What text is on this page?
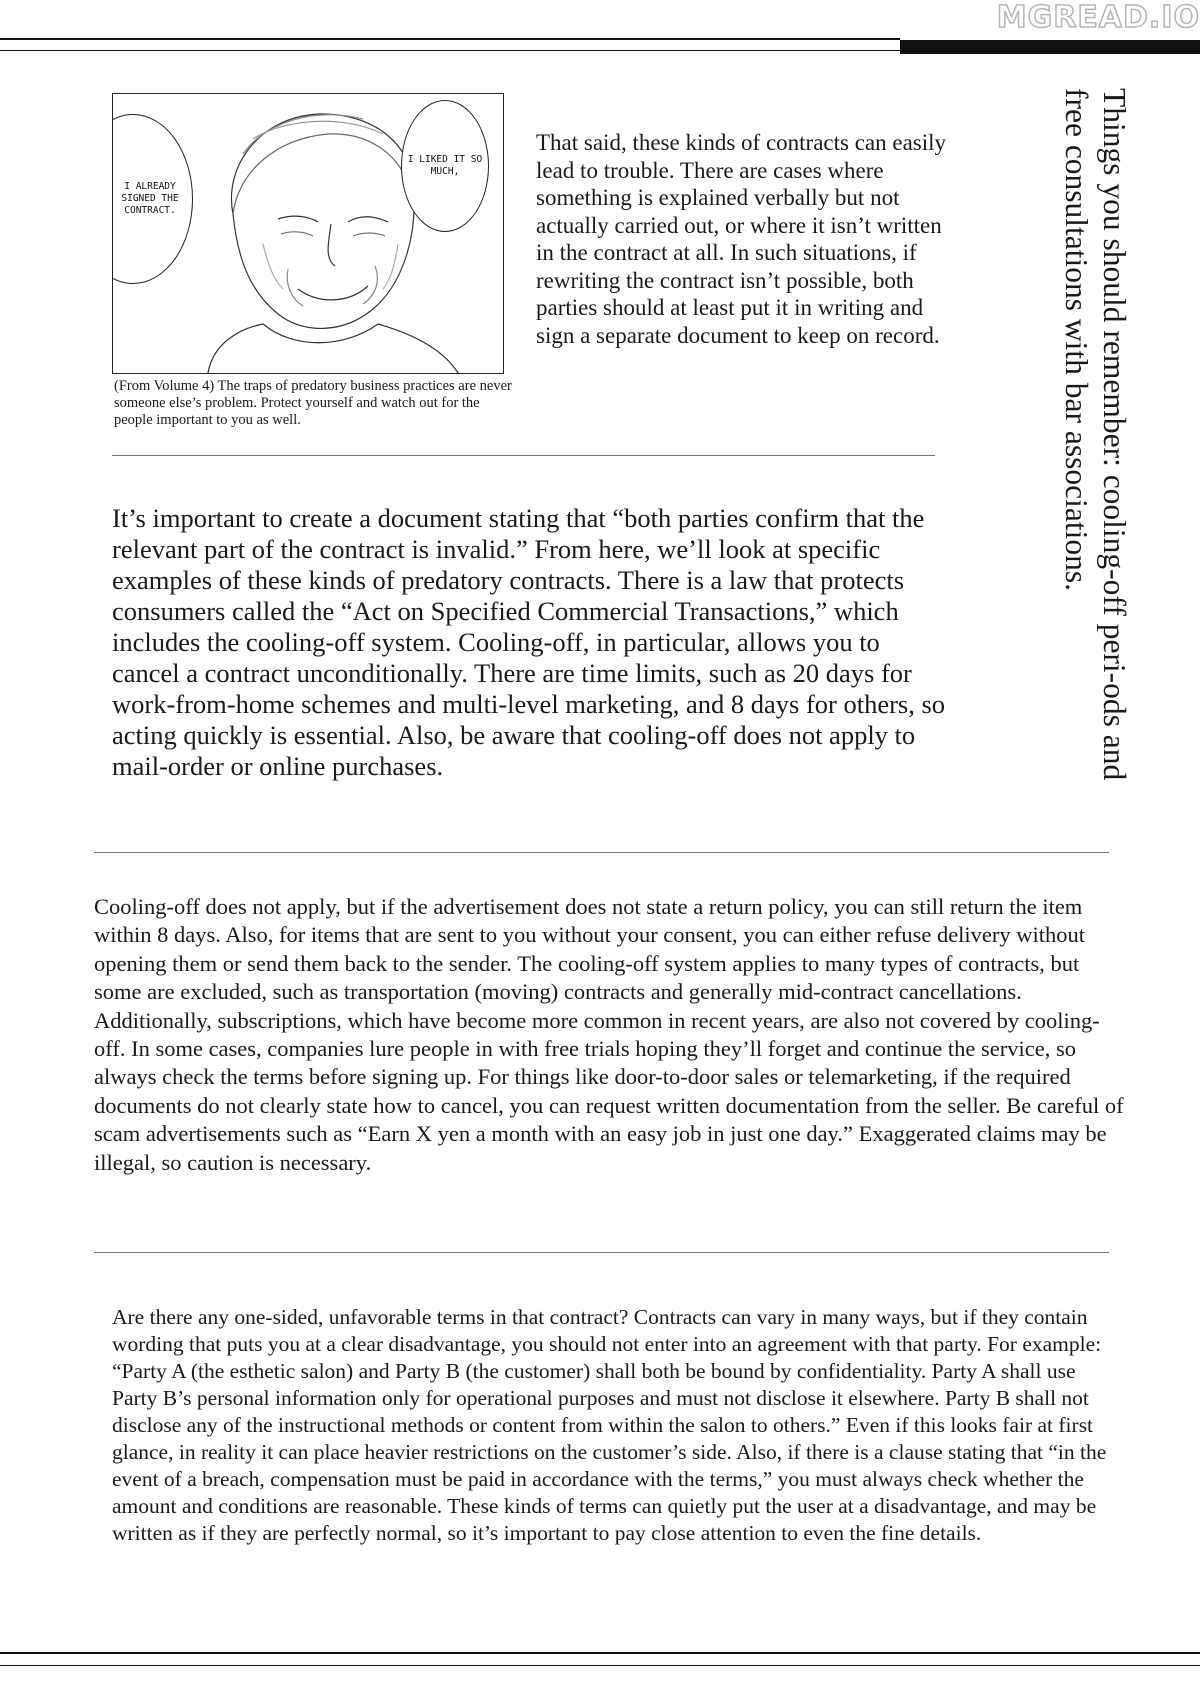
MGREAD.IO
I ALREADY SIGNED THE CONTRACT.
I LIKED IT SO MUCH,
(From Volume 4) The traps of predatory business practices are never someone else’s problem. Protect yourself and watch out for the people important to you as well.
That said, these kinds of contracts can easily lead to trouble. There are cases where something is explained verbally but not actually carried out, or where it isn’t written in the contract at all. In such situations, if rewriting the contract isn’t possible, both parties should at least put it in writing and sign a separate document to keep on record.	Things you should remember: cooling-off peri-ods and free consultations with bar associations.
It’s important to create a document stating that “both parties confirm that the relevant part of the contract is invalid.” From here, we’ll look at specific examples of these kinds of predatory contracts. There is a law that protects consumers called the “Act on Specified Commercial Transactions,” which includes the cooling-off system. Cooling-off, in particular, allows you to cancel a contract unconditionally. There are time limits, such as 20 days for work-from-home schemes and multi-level marketing, and 8 days for others, so acting quickly is essential. Also, be aware that cooling-off does not apply to mail-order or online purchases.
Cooling-off does not apply, but if the advertisement does not state a return policy, you can still return the item within 8 days. Also, for items that are sent to you without your consent, you can either refuse delivery without opening them or send them back to the sender. The cooling-off system applies to many types of contracts, but some are excluded, such as transportation (moving) contracts and generally mid-contract cancellations. Additionally, subscriptions, which have become more common in recent years, are also not covered by cooling-off. In some cases, companies lure people in with free trials hoping they’ll forget and continue the service, so always check the terms before signing up. For things like door-to-door sales or telemarketing, if the required documents do not clearly state how to cancel, you can request written documentation from the seller. Be careful of scam advertisements such as “Earn X yen a month with an easy job in just one day.” Exaggerated claims may be illegal, so caution is necessary.
Are there any one-sided, unfavorable terms in that contract? Contracts can vary in many ways, but if they contain wording that puts you at a clear disadvantage, you should not enter into an agreement with that party. For example: “Party A (the esthetic salon) and Party B (the customer) shall both be bound by confidentiality. Party A shall use Party B’s personal information only for operational purposes and must not disclose it elsewhere. Party B shall not disclose any of the instructional methods or content from within the salon to others.” Even if this looks fair at first glance, in reality it can place heavier restrictions on the customer’s side. Also, if there is a clause stating that “in the event of a breach, compensation must be paid in accordance with the terms,” you must always check whether the amount and conditions are reasonable. These kinds of terms can quietly put the user at a disadvantage, and may be written as if they are perfectly normal, so it’s important to pay close attention to even the fine details.
